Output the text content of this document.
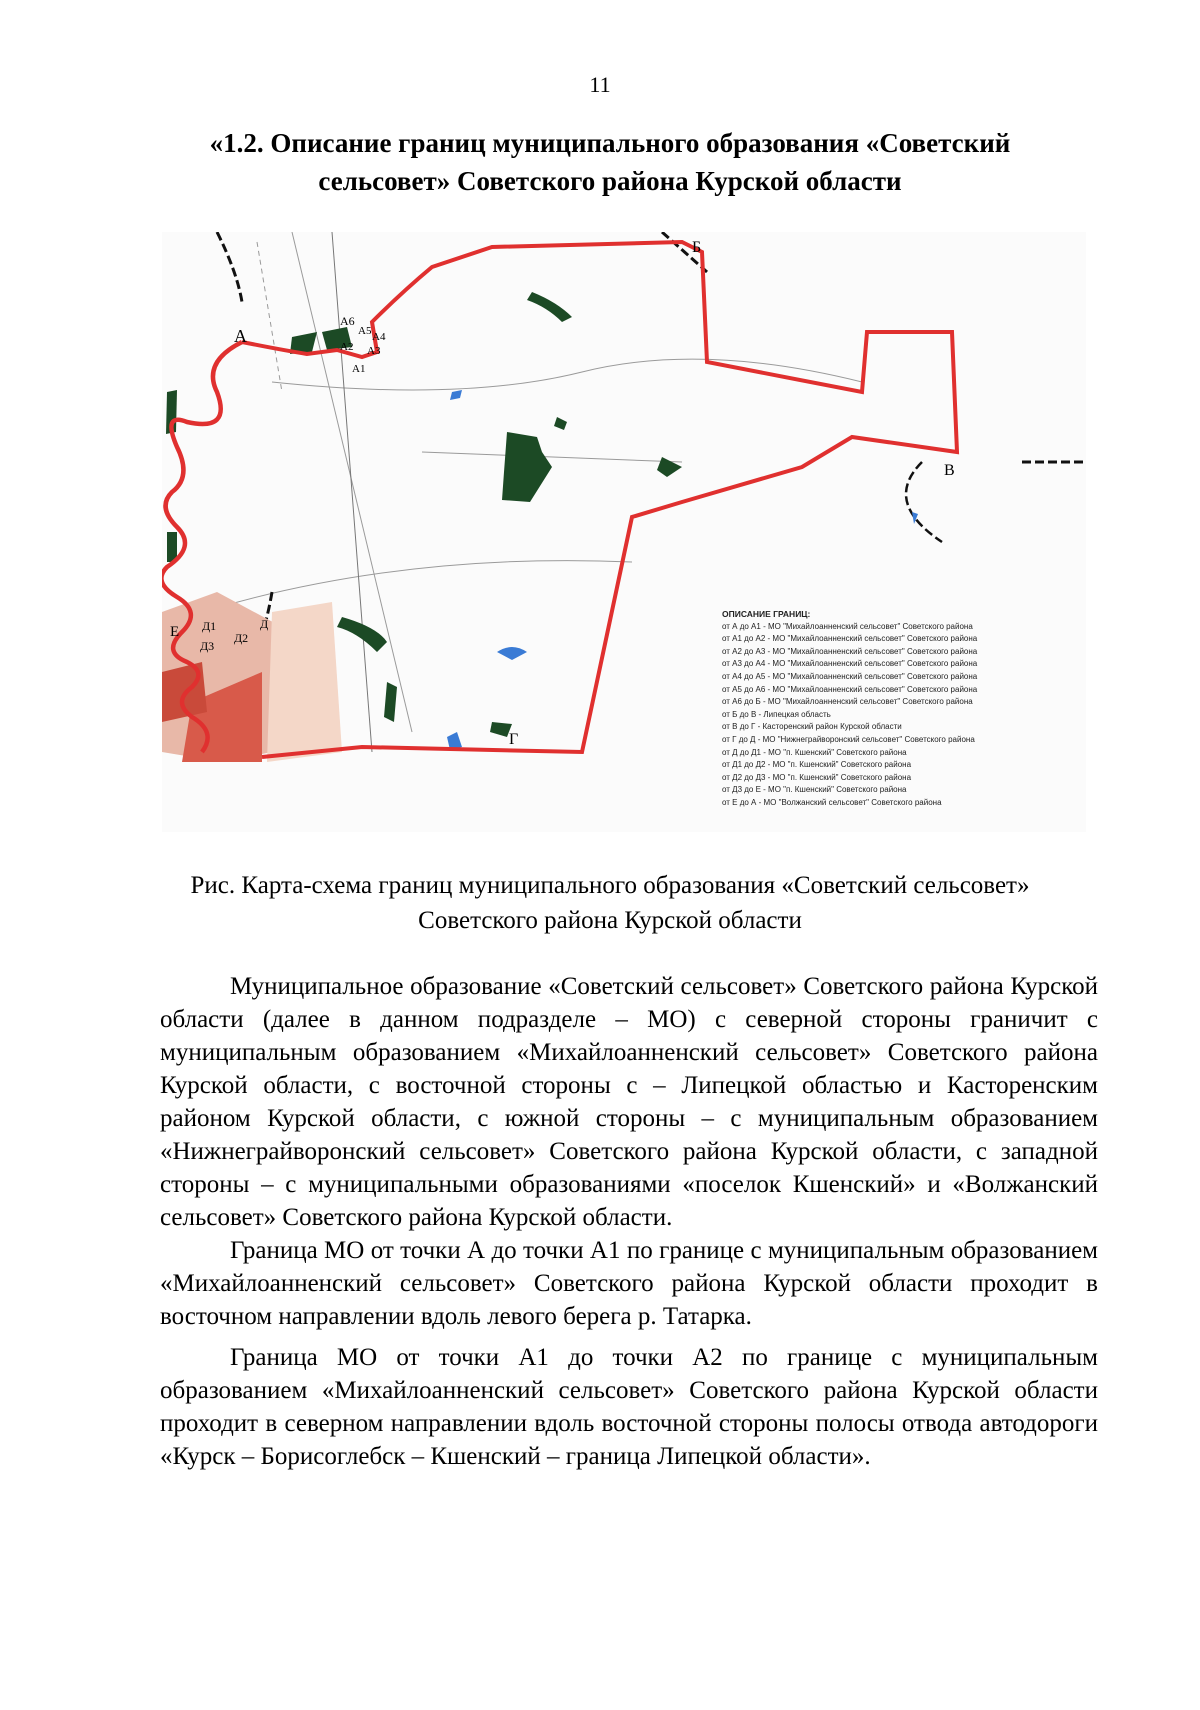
11
«1.2. Описание границ муниципального образования «Советский сельсовет» Советского района Курской области
А
А6
А5 А4
А2 А3
А1
Б
В
Г
Д
Д1
Д2
Д3
Е
ОПИСАНИЕ ГРАНИЦ:
от А до А1 - МО "Михайлоанненский сельсовет" Советского района
от А1 до А2 - МО "Михайлоанненский сельсовет" Советского района
от А2 до А3 - МО "Михайлоанненский сельсовет" Советского района
от А3 до А4 - МО "Михайлоанненский сельсовет" Советского района
от А4 до А5 - МО "Михайлоанненский сельсовет" Советского района
от А5 до А6 - МО "Михайлоанненский сельсовет" Советского района
от А6 до Б - МО "Михайлоанненский сельсовет" Советского района
от Б до В - Липецкая область
от В до Г - Касторенский район Курской области
от Г до Д - МО "Нижнеграйворонский сельсовет" Советского района
от Д до Д1 - МО "п. Кшенский" Советского района
от Д1 до Д2 - МО "п. Кшенский" Советского района
от Д2 до Д3 - МО "п. Кшенский" Советского района
от Д3 до Е - МО "п. Кшенский" Советского района
от Е до А - МО "Волжанский сельсовет" Советского района
Рис. Карта-схема границ муниципального образования «Советский сельсовет» Советского района Курской области

Муниципальное образование «Советский сельсовет» Советского района Курской области (далее в данном подразделе – МО) с северной стороны граничит с муниципальным образованием «Михайлоанненский сельсовет» Советского района Курской области, с восточной стороны с – Липецкой областью и Касторенским районом Курской области, с южной стороны – с муниципальным образованием «Нижнеграйворонский сельсовет» Советского района Курской области, с западной стороны – с муниципальными образованиями «поселок Кшенский» и «Волжанский сельсовет» Советского района Курской области.

Граница МО от точки А до точки А1 по границе с муниципальным образованием «Михайлоанненский сельсовет» Советского района Курской области проходит в восточном направлении вдоль левого берега р. Татарка.

Граница МО от точки А1 до точки А2 по границе с муниципальным образованием «Михайлоанненский сельсовет» Советского района Курской области проходит в северном направлении вдоль восточной стороны полосы отвода автодороги «Курск – Борисоглебск – Кшенский – граница Липецкой области».
